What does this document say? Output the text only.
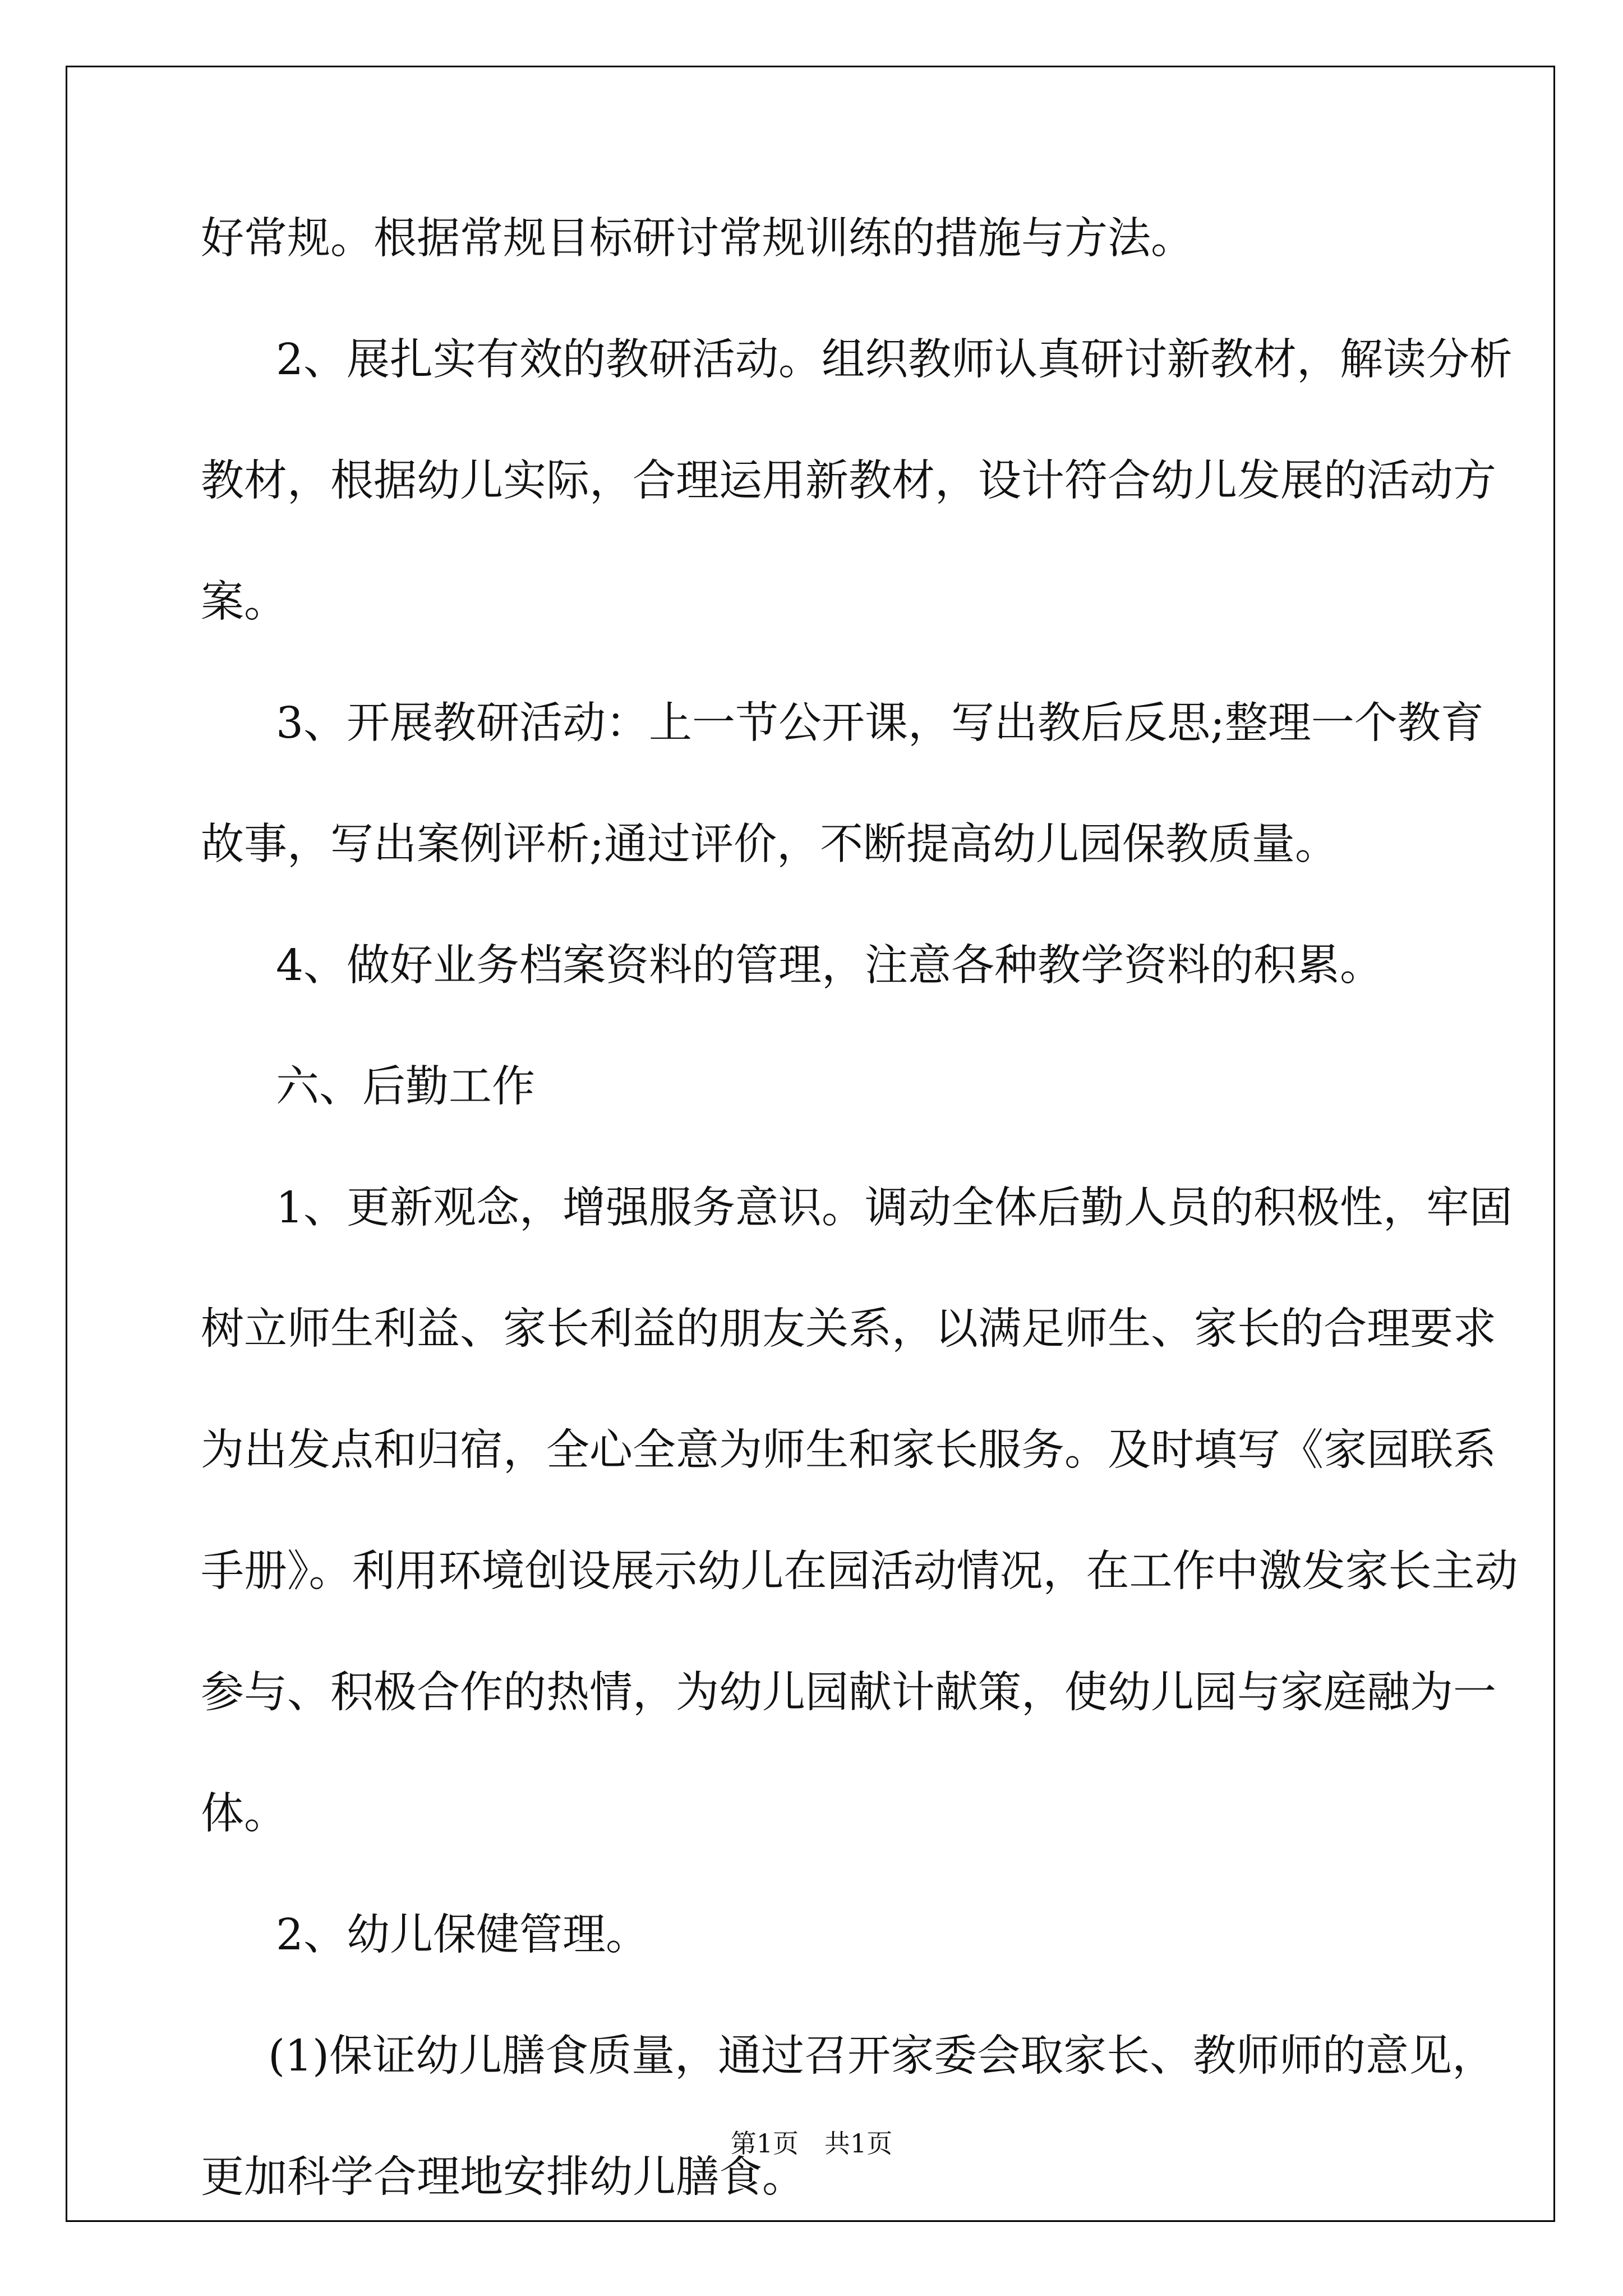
好常规。根据常规目标研讨常规训练的措施与方法。
2、展扎实有效的教研活动。组织教师认真研讨新教材，解读分析
教材，根据幼儿实际，合理运用新教材，设计符合幼儿发展的活动方
案。
3、开展教研活动：上一节公开课，写出教后反思;整理一个教育
故事，写出案例评析;通过评价，不断提高幼儿园保教质量。
4、做好业务档案资料的管理，注意各种教学资料的积累。
六、后勤工作
1、更新观念，增强服务意识。调动全体后勤人员的积极性，牢固
树立师生利益、家长利益的朋友关系，以满足师生、家长的合理要求
为出发点和归宿，全心全意为师生和家长服务。及时填写《家园联系
手册》。利用环境创设展示幼儿在园活动情况，在工作中激发家长主动
参与、积极合作的热情，为幼儿园献计献策，使幼儿园与家庭融为一
体。
2、幼儿保健管理。
(1)保证幼儿膳食质量，通过召开家委会取家长、教师师的意见，
更加科学合理地安排幼儿膳食。
第1页　共1页
